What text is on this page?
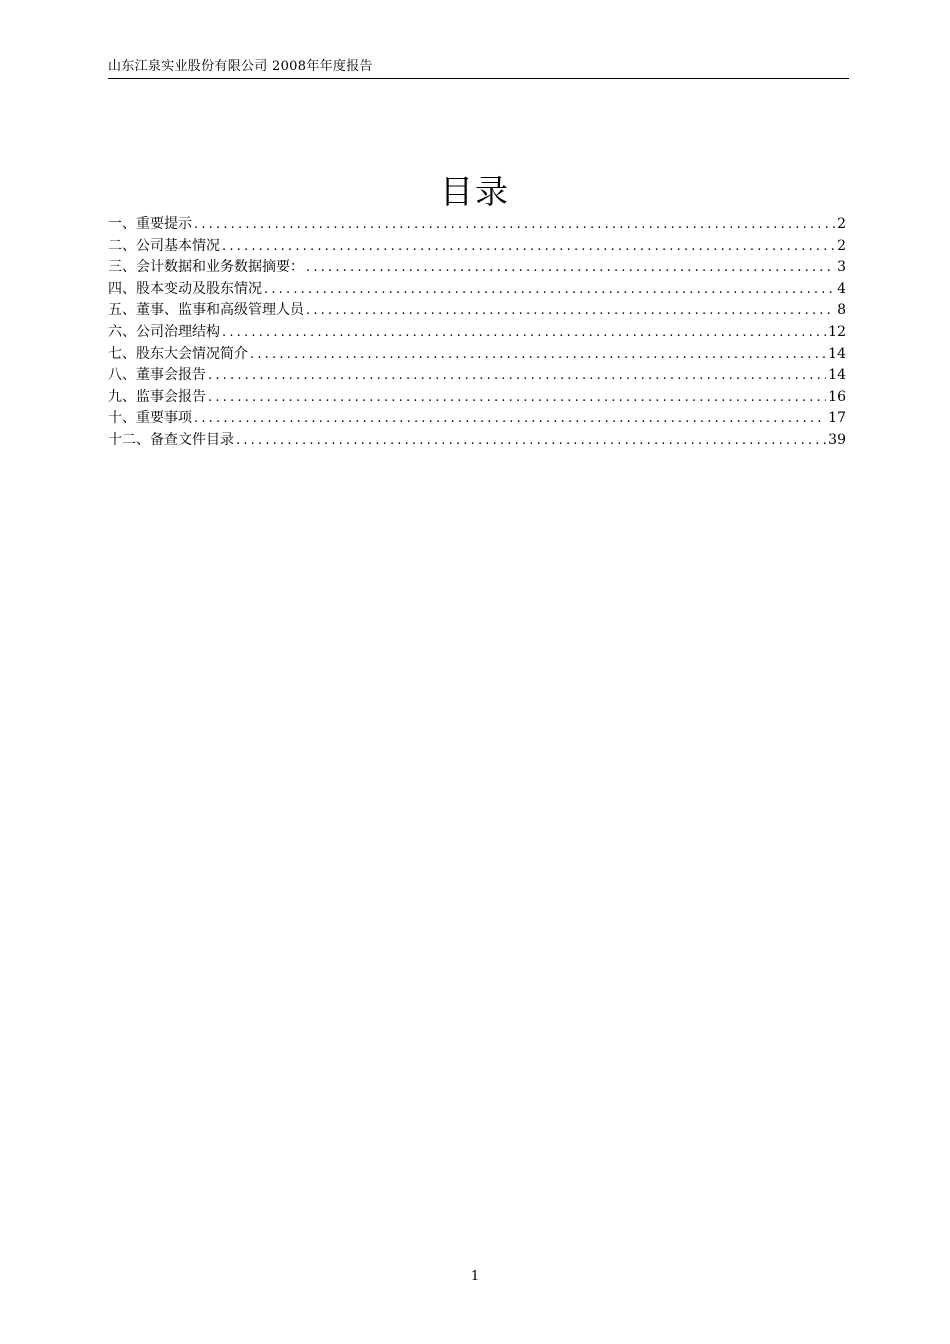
山东江泉实业股份有限公司 2008年年度报告
目录
一、重要提示 .....	2
二、公司基本情况 .....	2
三、会计数据和业务数据摘要： .....	3
四、股本变动及股东情况 .....	4
五、董事、监事和高级管理人员 .....	8
六、公司治理结构 .....	12
七、股东大会情况简介 .....	14
八、董事会报告 .....	14
九、监事会报告 .....	16
十、重要事项 .....	17
十二、备查文件目录 .....	39
1
